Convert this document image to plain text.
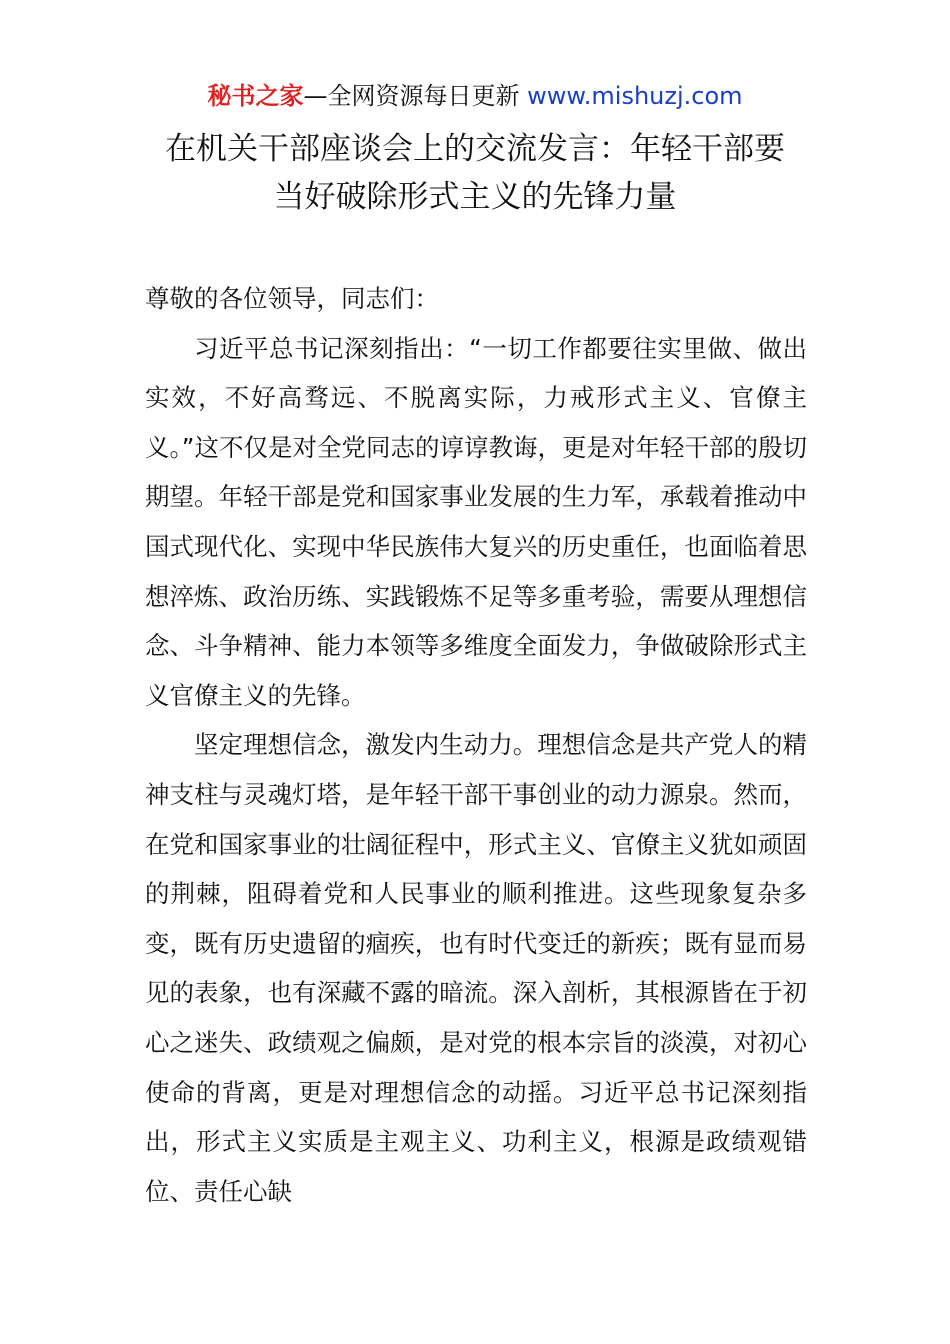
秘书之家—全网资源每日更新 www.mishuzj.com
在机关干部座谈会上的交流发言：年轻干部要
当好破除形式主义的先锋力量

尊敬的各位领导，同志们：

习近平总书记深刻指出：“一切工作都要往实里做、做出实效，不好高骛远、不脱离实际，力戒形式主义、官僚主义。”这不仅是对全党同志的谆谆教诲，更是对年轻干部的殷切期望。年轻干部是党和国家事业发展的生力军，承载着推动中国式现代化、实现中华民族伟大复兴的历史重任，也面临着思想淬炼、政治历练、实践锻炼不足等多重考验，需要从理想信念、斗争精神、能力本领等多维度全面发力，争做破除形式主义官僚主义的先锋。

坚定理想信念，激发内生动力。理想信念是共产党人的精神支柱与灵魂灯塔，是年轻干部干事创业的动力源泉。然而，在党和国家事业的壮阔征程中，形式主义、官僚主义犹如顽固的荆棘，阻碍着党和人民事业的顺利推进。这些现象复杂多变，既有历史遗留的痼疾，也有时代变迁的新疾；既有显而易见的表象，也有深藏不露的暗流。深入剖析，其根源皆在于初心之迷失、政绩观之偏颇，是对党的根本宗旨的淡漠，对初心使命的背离，更是对理想信念的动摇。习近平总书记深刻指出，形式主义实质是主观主义、功利主义，根源是政绩观错位、责任心缺
